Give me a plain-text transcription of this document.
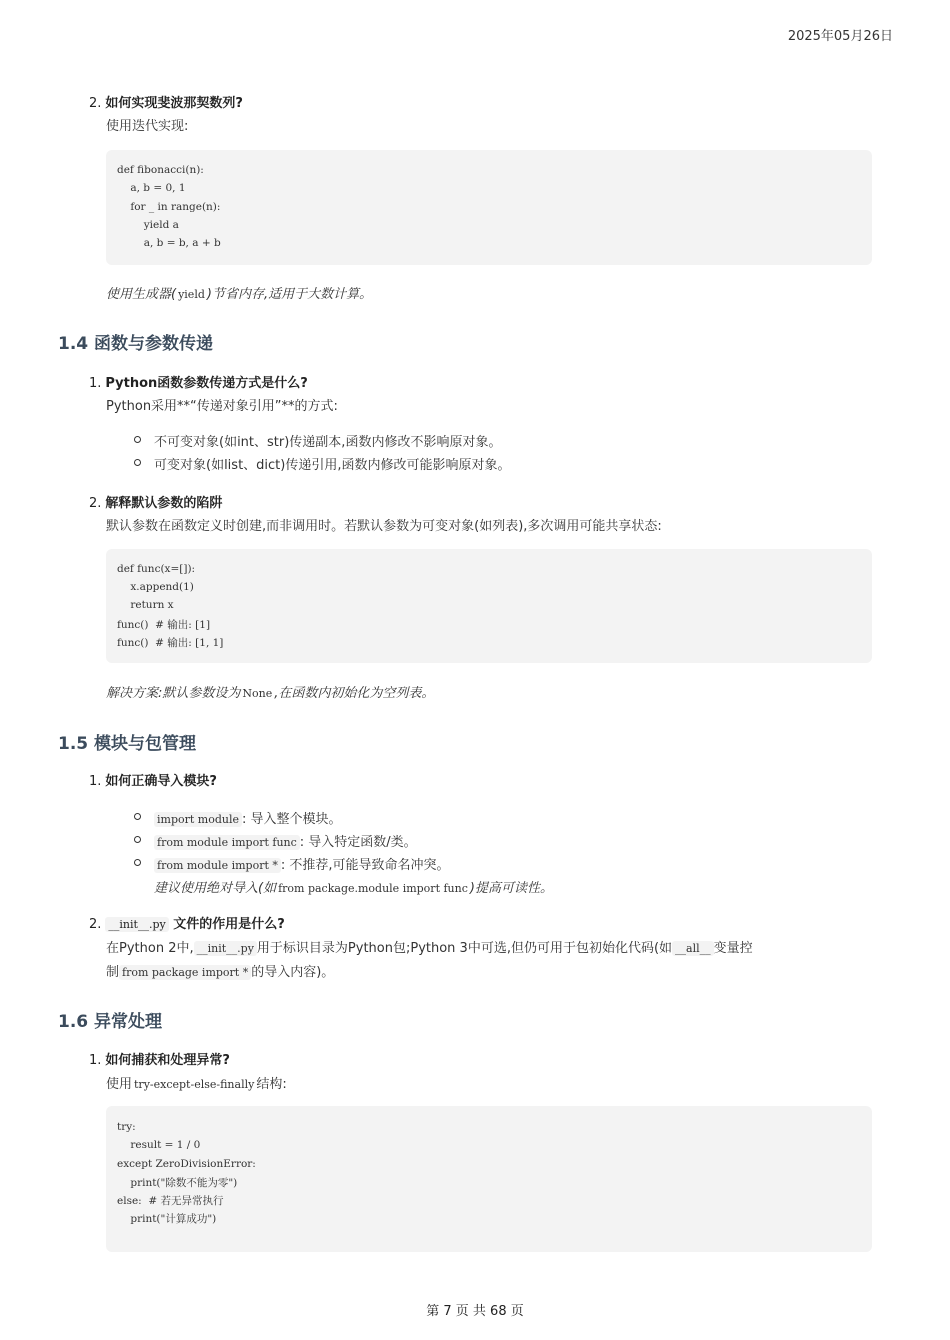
2025年05月26日
2. 如何实现斐波那契数列?
使用迭代实现:
def fibonacci(n):
a, b = 0, 1
for _ in range(n):
yield a
a, b = b, a + b
使用生成器( yield )节省内存,适用于大数计算。
1.4 函数与参数传递
1. Python函数参数传递方式是什么?
Python采用**“传递对象引用”**的方式:
不可变对象(如int、str)传递副本,函数内修改不影响原对象。
可变对象(如list、dict)传递引用,函数内修改可能影响原对象。
2. 解释默认参数的陷阱
默认参数在函数定义时创建,而非调用时。若默认参数为可变对象(如列表),多次调用可能共享状态:
def func(x=[]):
x.append(1)
return x
func()  # 输出: [1]
func()  # 输出: [1, 1]
解决方案:默认参数设为 None ,在函数内初始化为空列表。
1.5 模块与包管理
1. 如何正确导入模块?
import module : 导入整个模块。
from module import func : 导入特定函数/类。
from module import * : 不推荐,可能导致命名冲突。
建议使用绝对导入(如 from package.module import func )提高可读性。
2. __init__.py 文件的作用是什么?
在Python 2中, __init__.py 用于标识目录为Python包;Python 3中可选,但仍可用于包初始化代码(如 __all__ 变量控
制 from package import * 的导入内容)。
1.6 异常处理
1. 如何捕获和处理异常?
使用 try-except-else-finally 结构:
try:
result = 1 / 0
except ZeroDivisionError:
print("除数不能为零")
else:  # 若无异常执行
print("计算成功")
第 7 页 共 68 页
